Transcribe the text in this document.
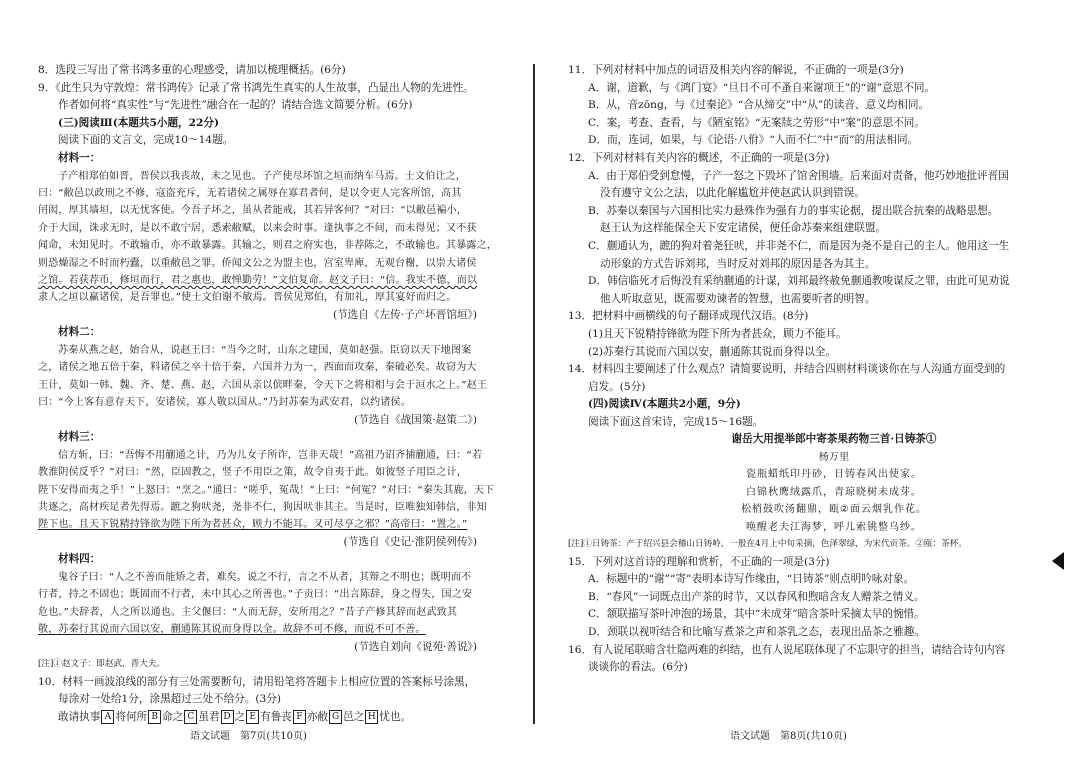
8．选段三写出了常书鸿多重的心理感受，请加以梳理概括。(6分)
9．《此生只为守敦煌：常书鸿传》记录了常书鸿先生真实的人生故事，凸显出人物的先进性。
作者如何将“真实性”与“先进性”融合在一起的？请结合选文简要分析。(6分)
(三)阅读Ⅲ(本题共5小题，22分)
阅读下面的文言文，完成10～14题。
材料一：
子产相郑伯如晋，晋侯以我丧故，未之见也。子产使尽坏馆之垣而纳车马焉。士文伯让之，
曰：“敝邑以政刑之不修，寇盗充斥，无若诸侯之属辱在寡君者何，是以令吏人完客所馆，高其
闬闳，厚其墙垣，以无忧客使。今吾子坏之，虽从者能戒，其若异客何？”对曰：“以敝邑褊小，
介于大国，诛求无时，是以不敢宁居，悉索敝赋，以来会时事。逢执事之不间，而未得见；又不获
闻命，未知见时。不敢输币，亦不敢暴露。其输之，则君之府实也，非荐陈之，不敢输也。其暴露之，
则恐燥湿之不时而朽蠹，以重敝邑之罪。侨闻文公之为盟主也，宫室卑庳，无观台榭，以崇大诸侯
之馆。若获荐币，修垣而行，君之惠也，敢惮勤劳！”文伯复命。赵文子曰：“信。我实不德，而以
隶人之垣以赢诸侯，是吾罪也。”使士文伯谢不敏焉。晋侯见郑伯，有加礼，厚其宴好而归之。
(节选自《左传·子产坏晋馆垣》)
材料二：
苏秦从燕之赵，始合从，说赵王曰：“当今之时，山东之建国，莫如赵强。臣窃以天下地图案
之，诸侯之地五倍于秦，料诸侯之卒十倍于秦，六国并力为一，西面而攻秦，秦破必矣。故窃为大
王计，莫如一韩、魏、齐、楚、燕、赵，六国从亲以傧畔秦，令天下之将相相与会于洹水之上。”赵王
曰：“今上客有意存天下，安诸侯，寡人敬以国从。”乃封苏秦为武安君，以约诸侯。
(节选自《战国策·赵策二》)
材料三：
信方斩，曰：“吾悔不用蒯通之计，乃为儿女子所诈，岂非天哉！”高祖乃诏齐捕蒯通，曰：“若
教淮阴侯反乎？”对曰：“然，臣固教之，竖子不用臣之策，故令自夷于此。如彼竖子用臣之计，
陛下安得而夷之乎！”上怒曰：“烹之。”通曰：“嗟乎，冤哉！”上曰：“何冤？”对曰：“秦失其鹿，天下
共逐之，高材疾足者先得焉。蹠之狗吠尧，尧非不仁，狗因吠非其主。当是时，臣唯独知韩信，非知
陛下也。且天下锐精持锋欲为陛下所为者甚众，顾力不能耳。又可尽亨之邪？”高帝曰：“置之。”
(节选自《史记·淮阴侯列传》)
材料四：
鬼谷子曰：“人之不善而能矫之者，难矣。说之不行，言之不从者，其辩之不明也；既明而不
行者，持之不固也；既固而不行者，未中其心之所善也。”子贡曰：“出言陈辞，身之得失，国之安
危也。”夫辞者，人之所以通也。主父偃曰：“人而无辞，安所用之？”昔子产修其辞而赵武致其
敬，苏秦行其说而六国以安，蒯通陈其说而身得以全。故辞不可不修，而说不可不善。
(节选自刘向《说苑·善说》)
[注]①赵文子：即赵武，晋大夫。
10．材料一画波浪线的部分有三处需要断句，请用铅笔将答题卡上相应位置的答案标号涂黑，
每涂对一处给1分，涂黑超过三处不给分。(3分)
敢请执事 A 将何所 B 命之 C 虽君 D 之 E 有鲁丧 F 亦敝 G 邑之 H 忧也。
11．下列对材料中加点的词语及相关内容的解说，不正确的一项是(3分)
A．谢，道歉，与《鸿门宴》“旦日不可不蚤自来谢项王”的“谢”意思不同。
B．从，音zōng，与《过秦论》“合从缔交”中“从”的读音、意义均相同。
C．案，考查、查看，与《陋室铭》“无案牍之劳形”中“案”的意思不同。
D．而，连词，如果，与《论语·八佾》“人而不仁”中“而”的用法相同。
12．下列对材料有关内容的概述，不正确的一项是(3分)
A．由于郑伯受到怠慢，子产一怒之下毁坏了馆舍围墙。后来面对责备，他巧妙地批评晋国
没有遵守文公之法，以此化解尴尬并使赵武认识到错误。
B．苏秦以秦国与六国相比实力悬殊作为强有力的事实论据，提出联合抗秦的战略思想。
赵王认为这样能保全天下安定诸侯，便任命苏秦来组建联盟。
C．蒯通认为，蹠的狗对着尧狂吠，并非尧不仁，而是因为尧不是自己的主人。他用这一生
动形象的方式告诉刘邦，当时反对刘邦的原因是各为其主。
D．韩信临死才后悔没有采纳蒯通的计谋，刘邦最终赦免蒯通教唆谋反之罪，由此可见劝说
他人听取意见，既需要劝谏者的智慧，也需要听者的明智。
13．把材料中画横线的句子翻译成现代汉语。(8分)
(1)且天下锐精持锋欲为陛下所为者甚众，顾力不能耳。
(2)苏秦行其说而六国以安，蒯通陈其说而身得以全。
14．材料四主要阐述了什么观点？请简要说明，并结合四则材料谈谈你在与人沟通方面受到的
启发。(5分)
(四)阅读Ⅳ(本题共2小题，9分)
阅读下面这首宋诗，完成15～16题。
谢岳大用提举郎中寄茶果药物三首·日铸茶①
杨万里
瓷瓶蜡纸印丹砂，日铸春风出使家。
白锦秋鹰绒露爪，青琼晓树未成芽。
松梢鼓吹汤翻鼎，瓯②面云烟乳作花。
唤醒老夫江海梦，呼儿索铫整乌纱。
[注]①日铸茶：产于绍兴县会稽山日铸岭，一般在4月上中旬采摘，色泽翠绿，为宋代贡茶。②瓯：茶杯。
15．下列对这首诗的理解和赏析，不正确的一项是(3分)
A．标题中的“谢”“寄”表明本诗写作缘由，“日铸茶”则点明吟咏对象。
B．“春风”一词既点出产茶的时节，又以春风和煦暗含友人赠茶之情义。
C．颔联描写茶叶冲泡的场景，其中“未成芽”暗含茶叶采摘太早的惋惜。
D．颈联以视听结合和比喻写煮茶之声和茶乳之态，表现出品茶之雅趣。
16．有人说尾联暗含壮隐两难的纠结，也有人说尾联体现了不忘职守的担当，请结合诗句内容
谈谈你的看法。(6分)
语文试题　第7页(共10页)	语文试题　第8页(共10页)
